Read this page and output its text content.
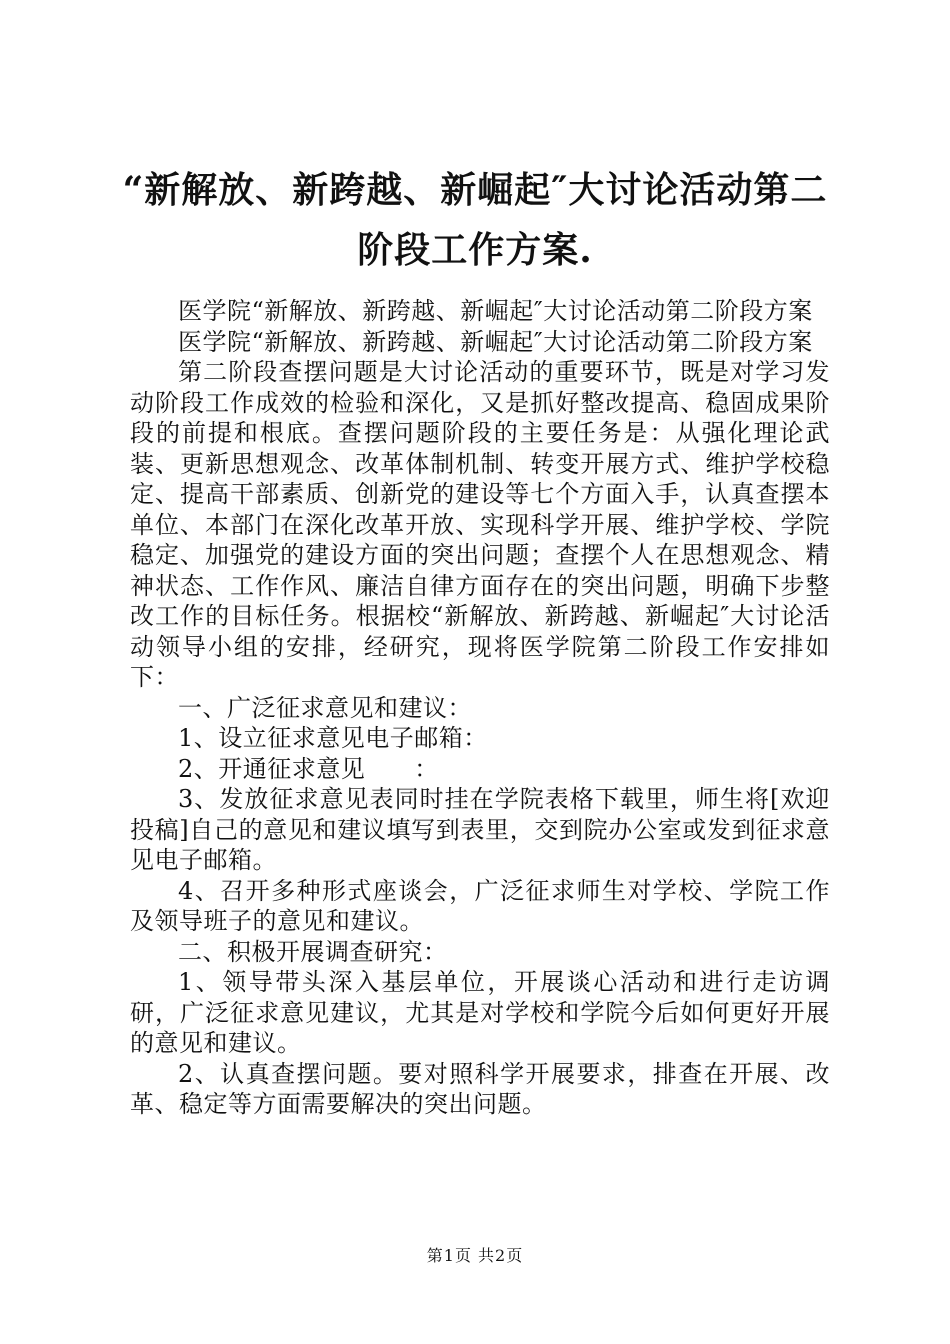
“新解放、新跨越、新崛起″大讨论活动第二
阶段工作方案.

医学院“新解放、新跨越、新崛起″大讨论活动第二阶段方案

医学院“新解放、新跨越、新崛起″大讨论活动第二阶段方案

第二阶段查摆问题是大讨论活动的重要环节，既是对学习发动阶段工作成效的检验和深化，又是抓好整改提高、稳固成果阶段的前提和根底。查摆问题阶段的主要任务是：从强化理论武装、更新思想观念、改革体制机制、转变开展方式、维护学校稳定、提高干部素质、创新党的建设等七个方面入手，认真查摆本单位、本部门在深化改革开放、实现科学开展、维护学校、学院稳定、加强党的建设方面的突出问题；查摆个人在思想观念、精神状态、工作作风、廉洁自律方面存在的突出问题，明确下步整改工作的目标任务。根据校“新解放、新跨越、新崛起″大讨论活动领导小组的安排，经研究，现将医学院第二阶段工作安排如下：

一、广泛征求意见和建议：

1、设立征求意见电子邮箱：

2、开通征求意见　　：

3、发放征求意见表同时挂在学院表格下载里，师生将[欢迎投稿]自己的意见和建议填写到表里，交到院办公室或发到征求意见电子邮箱。

4、召开多种形式座谈会，广泛征求师生对学校、学院工作及领导班子的意见和建议。

二、积极开展调查研究：

1、领导带头深入基层单位，开展谈心活动和进行走访调研，广泛征求意见建议，尤其是对学校和学院今后如何更好开展的意见和建议。

2、认真查摆问题。要对照科学开展要求，排查在开展、改革、稳定等方面需要解决的突出问题。

第1页 共2页
